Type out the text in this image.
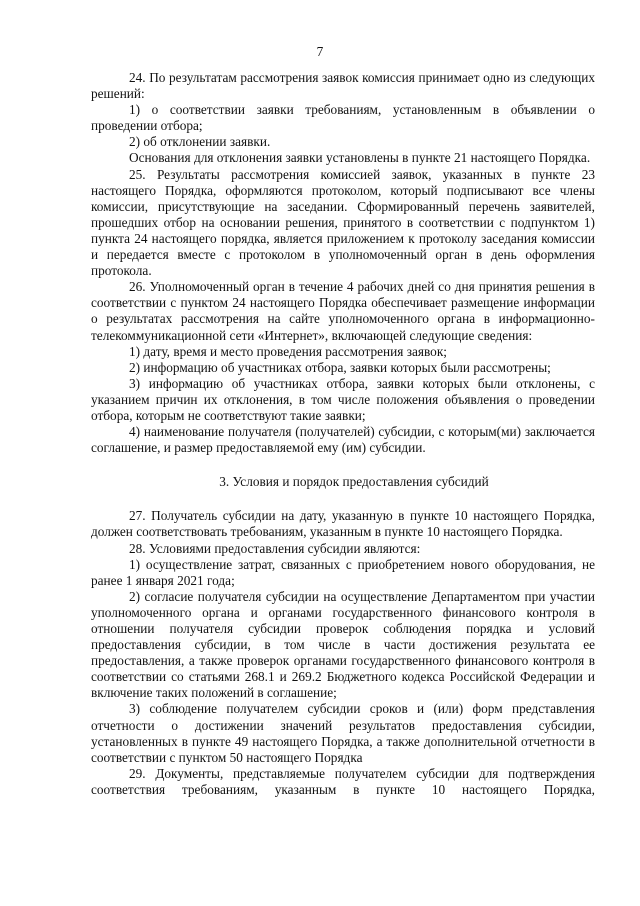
7

24. По результатам рассмотрения заявок комиссия принимает одно из следующих решений:

1) о соответствии заявки требованиям, установленным в объявлении о проведении отбора;

2) об отклонении заявки.

Основания для отклонения заявки установлены в пункте 21 настоящего Порядка.

25. Результаты рассмотрения комиссией заявок, указанных в пункте 23 настоящего Порядка, оформляются протоколом, который подписывают все члены комиссии, присутствующие на заседании. Сформированный перечень заявителей, прошедших отбор на основании решения, принятого в соответствии с подпунктом 1) пункта 24 настоящего порядка, является приложением к протоколу заседания комиссии и передается вместе с протоколом в уполномоченный орган в день оформления протокола.

26. Уполномоченный орган в течение 4 рабочих дней со дня принятия решения в соответствии с пунктом 24 настоящего Порядка обеспечивает размещение информации о результатах рассмотрения на сайте уполномоченного органа в информационно-телекоммуникационной сети «Интернет», включающей следующие сведения:

1) дату, время и место проведения рассмотрения заявок;

2) информацию об участниках отбора, заявки которых были рассмотрены;

3) информацию об участниках отбора, заявки которых были отклонены, с указанием причин их отклонения, в том числе положения объявления о проведении отбора, которым не соответствуют такие заявки;

4) наименование получателя (получателей) субсидии, с которым(ми) заключается соглашение, и размер предоставляемой ему (им) субсидии.

3. Условия и порядок предоставления субсидий

27. Получатель субсидии на дату, указанную в пункте 10 настоящего Порядка, должен соответствовать требованиям, указанным в пункте 10 настоящего Порядка.

28. Условиями предоставления субсидии являются:

1) осуществление затрат, связанных с приобретением нового оборудования, не ранее 1 января 2021 года;

2) согласие получателя субсидии на осуществление Департаментом при участии уполномоченного органа и органами государственного финансового контроля в отношении получателя субсидии проверок соблюдения порядка и условий предоставления субсидии, в том числе в части достижения результата ее предоставления, а также проверок органами государственного финансового контроля в соответствии со статьями 268.1 и 269.2 Бюджетного кодекса Российской Федерации и включение таких положений в соглашение;

3) соблюдение получателем субсидии сроков и (или) форм представления отчетности о достижении значений результатов предоставления субсидии, установленных в пункте 49 настоящего Порядка, а также дополнительной отчетности в соответствии с пунктом 50 настоящего Порядка

29. Документы, представляемые получателем субсидии для подтверждения соответствия требованиям, указанным в пункте 10 настоящего Порядка,
